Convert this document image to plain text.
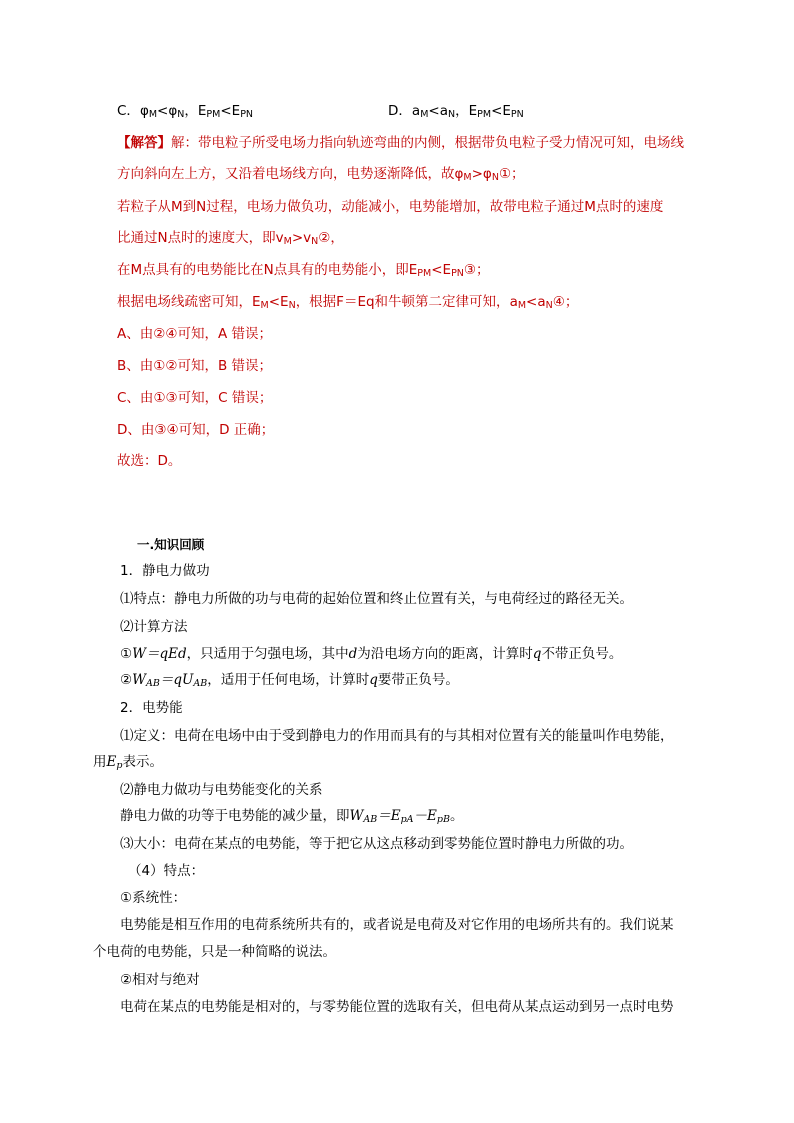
C．$\varphi_M<\varphi_N$，$E_{PM}<E_{PN}$	D．$a_M<a_N$，$E_{PM}<E_{PN}$
【解答】解：带电粒子所受电场力指向轨迹弯曲的内侧，根据带负电粒子受力情况可知，电场线
方向斜向左上方，又沿着电场线方向，电势逐渐降低，故$\varphi_M>\varphi_N①$；
若粒子从M到N过程，电场力做负功，动能减小，电势能增加，故带电粒子通过M点时的速度
比通过N点时的速度大，即$v_M>v_N②$，
在M点具有的电势能比在N点具有的电势能小，即$E_{PM}<E_{PN}③$；
根据电场线疏密可知，$E_M<E_N$，根据F＝Eq和牛顿第二定律可知，$a_M<a_N④$；
A、由②④可知，A 错误；
B、由①②可知，B 错误；
C、由①③可知，C 错误；
D、由③④可知，D 正确；
故选：D。
一.知识回顾
1．静电力做功
⑴特点：静电力所做的功与电荷的起始位置和终止位置有关，与电荷经过的路径无关。
⑵计算方法
①W＝qEd，只适用于匀强电场，其中d为沿电场方向的距离，计算时q不带正负号。
$②W_{AB}=qU_{AB}$，适用于任何电场，计算时q要带正负号。
2．电势能
⑴定义：电荷在电场中由于受到静电力的作用而具有的与其相对位置有关的能量叫作电势能，
用$E_p$表示。
⑵静电力做功与电势能变化的关系
静电力做的功等于电势能的减少量，即$W_{AB}=E_{pA}-E_{pB}$。
⑶大小：电荷在某点的电势能，等于把它从这点移动到零势能位置时静电力所做的功。
（4）特点：
①系统性：
电势能是相互作用的电荷系统所共有的，或者说是电荷及对它作用的电场所共有的。我们说某
个电荷的电势能，只是一种简略的说法。
②相对与绝对
电荷在某点的电势能是相对的，与零势能位置的选取有关，但电荷从某点运动到另一点时电势
